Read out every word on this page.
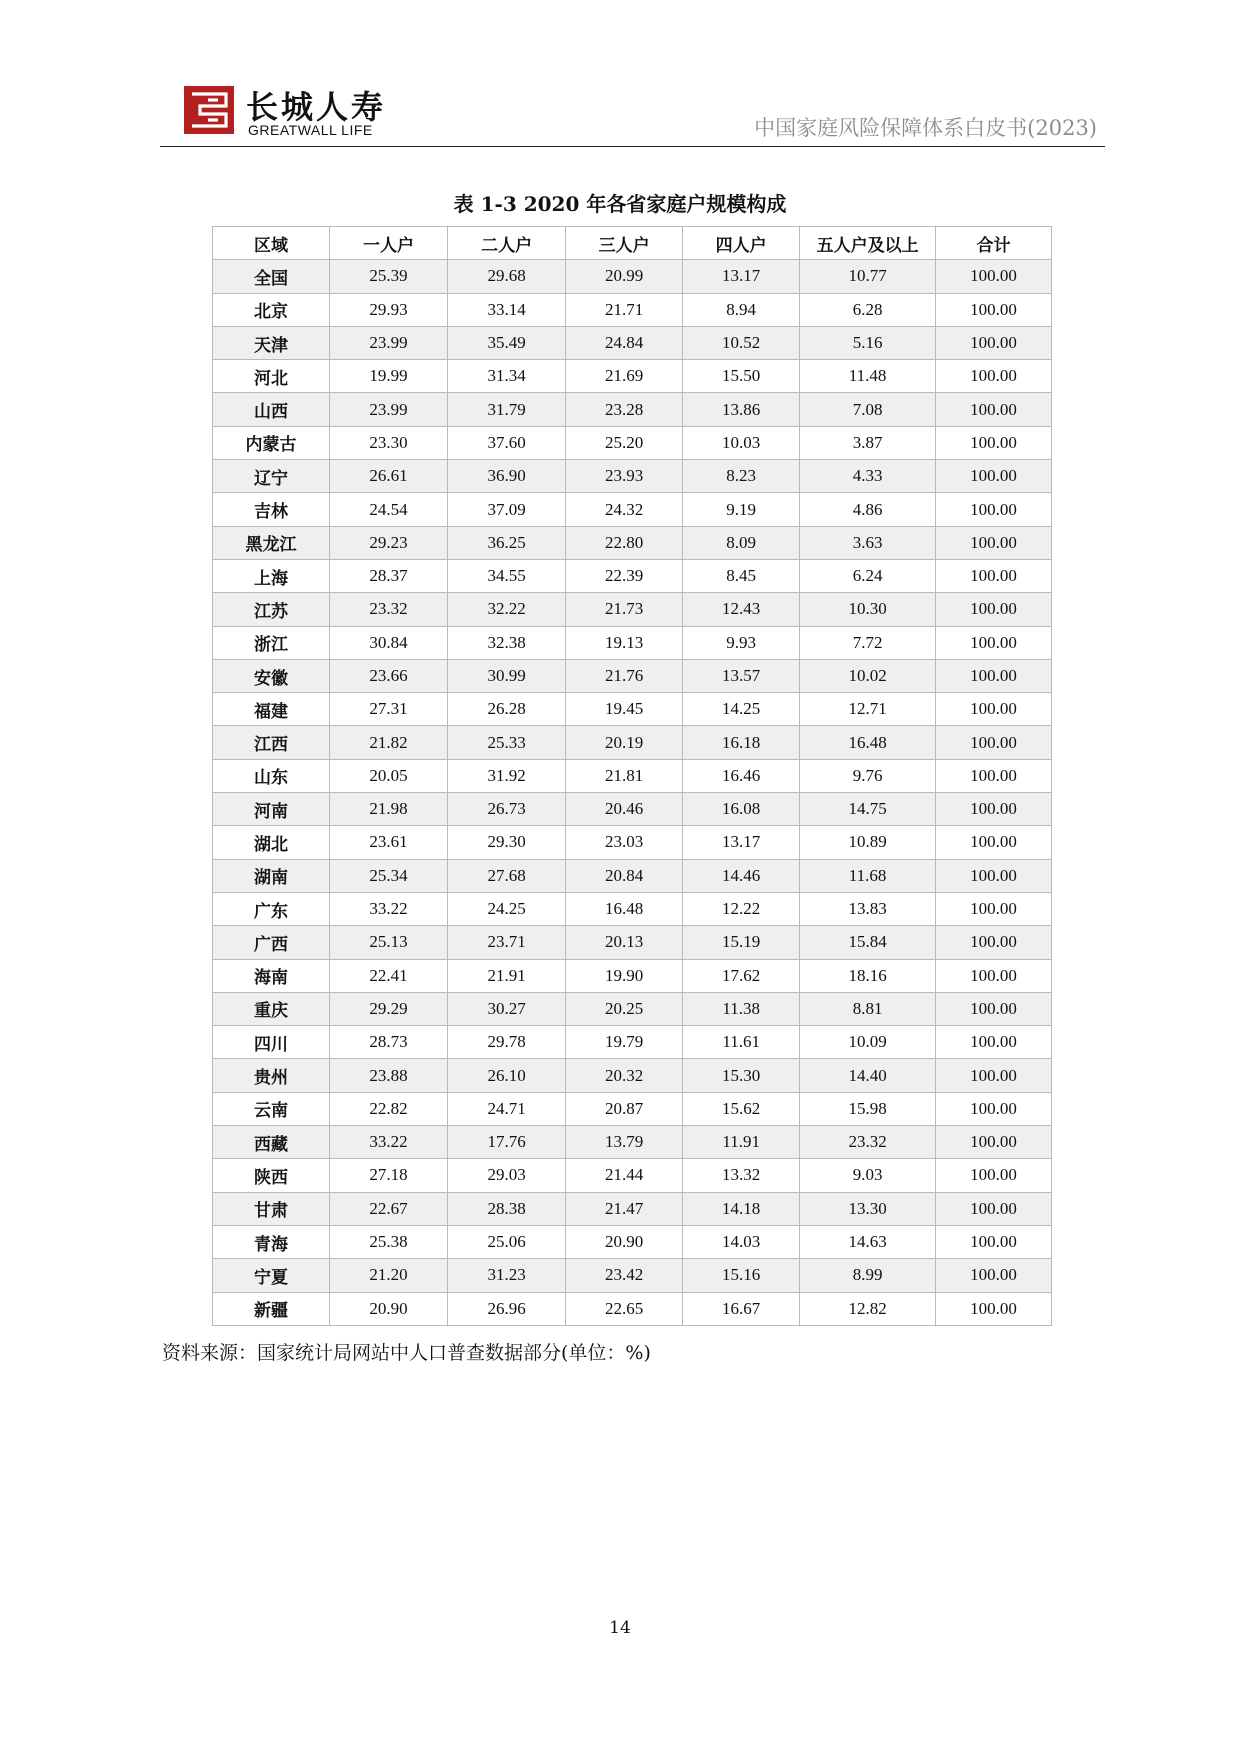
长城人寿
GREATWALL LIFE	中国家庭风险保障体系白皮书(2023)
表 1-3 2020 年各省家庭户规模构成
区域	一人户	二人户	三人户	四人户	五人户及以上	合计
全国	25.39	29.68	20.99	13.17	10.77	100.00
北京	29.93	33.14	21.71	8.94	6.28	100.00
天津	23.99	35.49	24.84	10.52	5.16	100.00
河北	19.99	31.34	21.69	15.50	11.48	100.00
山西	23.99	31.79	23.28	13.86	7.08	100.00
内蒙古	23.30	37.60	25.20	10.03	3.87	100.00
辽宁	26.61	36.90	23.93	8.23	4.33	100.00
吉林	24.54	37.09	24.32	9.19	4.86	100.00
黑龙江	29.23	36.25	22.80	8.09	3.63	100.00
上海	28.37	34.55	22.39	8.45	6.24	100.00
江苏	23.32	32.22	21.73	12.43	10.30	100.00
浙江	30.84	32.38	19.13	9.93	7.72	100.00
安徽	23.66	30.99	21.76	13.57	10.02	100.00
福建	27.31	26.28	19.45	14.25	12.71	100.00
江西	21.82	25.33	20.19	16.18	16.48	100.00
山东	20.05	31.92	21.81	16.46	9.76	100.00
河南	21.98	26.73	20.46	16.08	14.75	100.00
湖北	23.61	29.30	23.03	13.17	10.89	100.00
湖南	25.34	27.68	20.84	14.46	11.68	100.00
广东	33.22	24.25	16.48	12.22	13.83	100.00
广西	25.13	23.71	20.13	15.19	15.84	100.00
海南	22.41	21.91	19.90	17.62	18.16	100.00
重庆	29.29	30.27	20.25	11.38	8.81	100.00
四川	28.73	29.78	19.79	11.61	10.09	100.00
贵州	23.88	26.10	20.32	15.30	14.40	100.00
云南	22.82	24.71	20.87	15.62	15.98	100.00
西藏	33.22	17.76	13.79	11.91	23.32	100.00
陕西	27.18	29.03	21.44	13.32	9.03	100.00
甘肃	22.67	28.38	21.47	14.18	13.30	100.00
青海	25.38	25.06	20.90	14.03	14.63	100.00
宁夏	21.20	31.23	23.42	15.16	8.99	100.00
新疆	20.90	26.96	22.65	16.67	12.82	100.00
资料来源：国家统计局网站中人口普查数据部分(单位：%)
14
